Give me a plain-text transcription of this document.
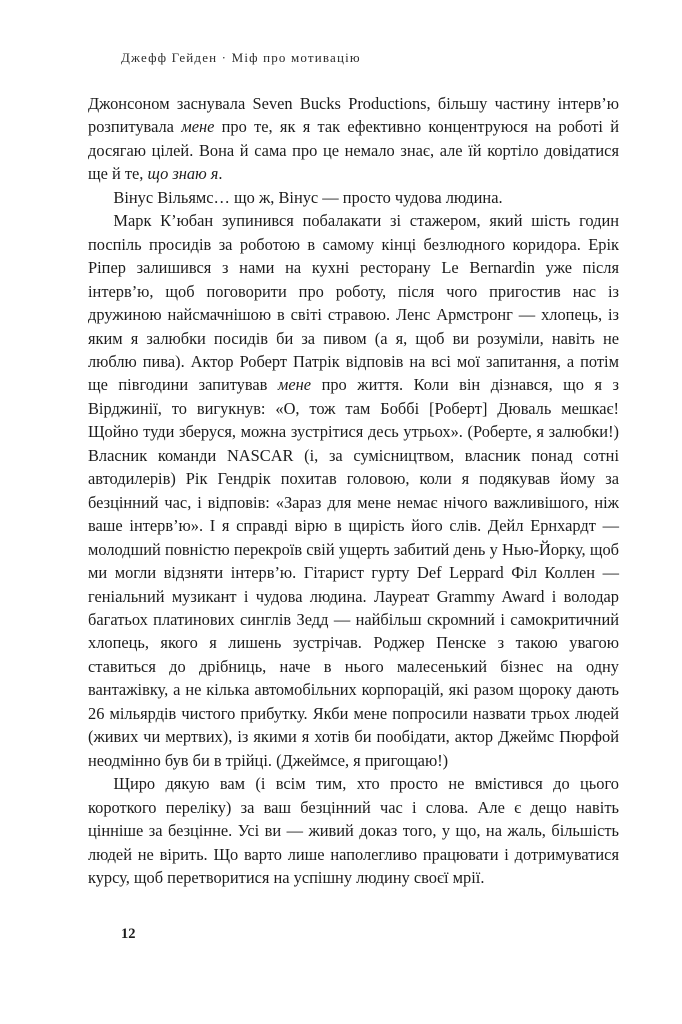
Джефф Гейден · Міф про мотивацію

Джонсоном заснувала Seven Bucks Productions, більшу частину інтерв’ю розпитувала мене про те, як я так ефективно концентруюся на роботі й досягаю цілей. Вона й сама про це немало знає, але їй кортіло довідатися ще й те, що знаю я.

Вінус Вільямс… що ж, Вінус — просто чудова людина.

Марк К’юбан зупинився побалакати зі стажером, який шість годин поспіль просидів за роботою в самому кінці безлюдного коридора. Ерік Ріпер залишився з нами на кухні ресторану Le Bernardin уже після інтерв’ю, щоб поговорити про роботу, після чого пригостив нас із дружиною найсмачнішою в світі стравою. Ленс Армстронг — хлопець, із яким я залюбки посидів би за пивом (а я, щоб ви розуміли, навіть не люблю пива). Актор Роберт Патрік відповів на всі мої запитання, а потім ще півгодини запитував мене про життя. Коли він дізнався, що я з Вірджинії, то вигукнув: «О, тож там Боббі [Роберт] Дюваль мешкає! Щойно туди зберуся, можна зустрітися десь утрьох». (Роберте, я залюбки!) Власник команди NASCAR (і, за сумісництвом, власник понад сотні автодилерів) Рік Гендрік похитав головою, коли я подякував йому за безцінний час, і відповів: «Зараз для мене немає нічого важливішого, ніж ваше інтерв’ю». І я справді вірю в щирість його слів. Дейл Ернхардт — молодший повністю перекроїв свій ущерть забитий день у Нью-Йорку, щоб ми могли відзняти інтерв’ю. Гітарист гурту Def Leppard Філ Коллен — геніальний музикант і чудова людина. Лауреат Grammy Award і володар багатьох платинових синглів Зедд — найбільш скромний і самокритичний хлопець, якого я лишень зустрічав. Роджер Пенске з такою увагою ставиться до дрібниць, наче в нього малесенький бізнес на одну вантажівку, а не кілька автомобільних корпорацій, які разом щороку дають 26 мільярдів чистого прибутку. Якби мене попросили назвати трьох людей (живих чи мертвих), із якими я хотів би пообідати, актор Джеймс Пюрфой неодмінно був би в трійці. (Джеймсе, я пригощаю!)

Щиро дякую вам (і всім тим, хто просто не вмістився до цього короткого переліку) за ваш безцінний час і слова. Але є дещо навіть цінніше за безцінне. Усі ви — живий доказ того, у що, на жаль, більшість людей не вірить. Що варто лише наполегливо працювати і дотримуватися курсу, щоб перетворитися на успішну людину своєї мрії.

12
